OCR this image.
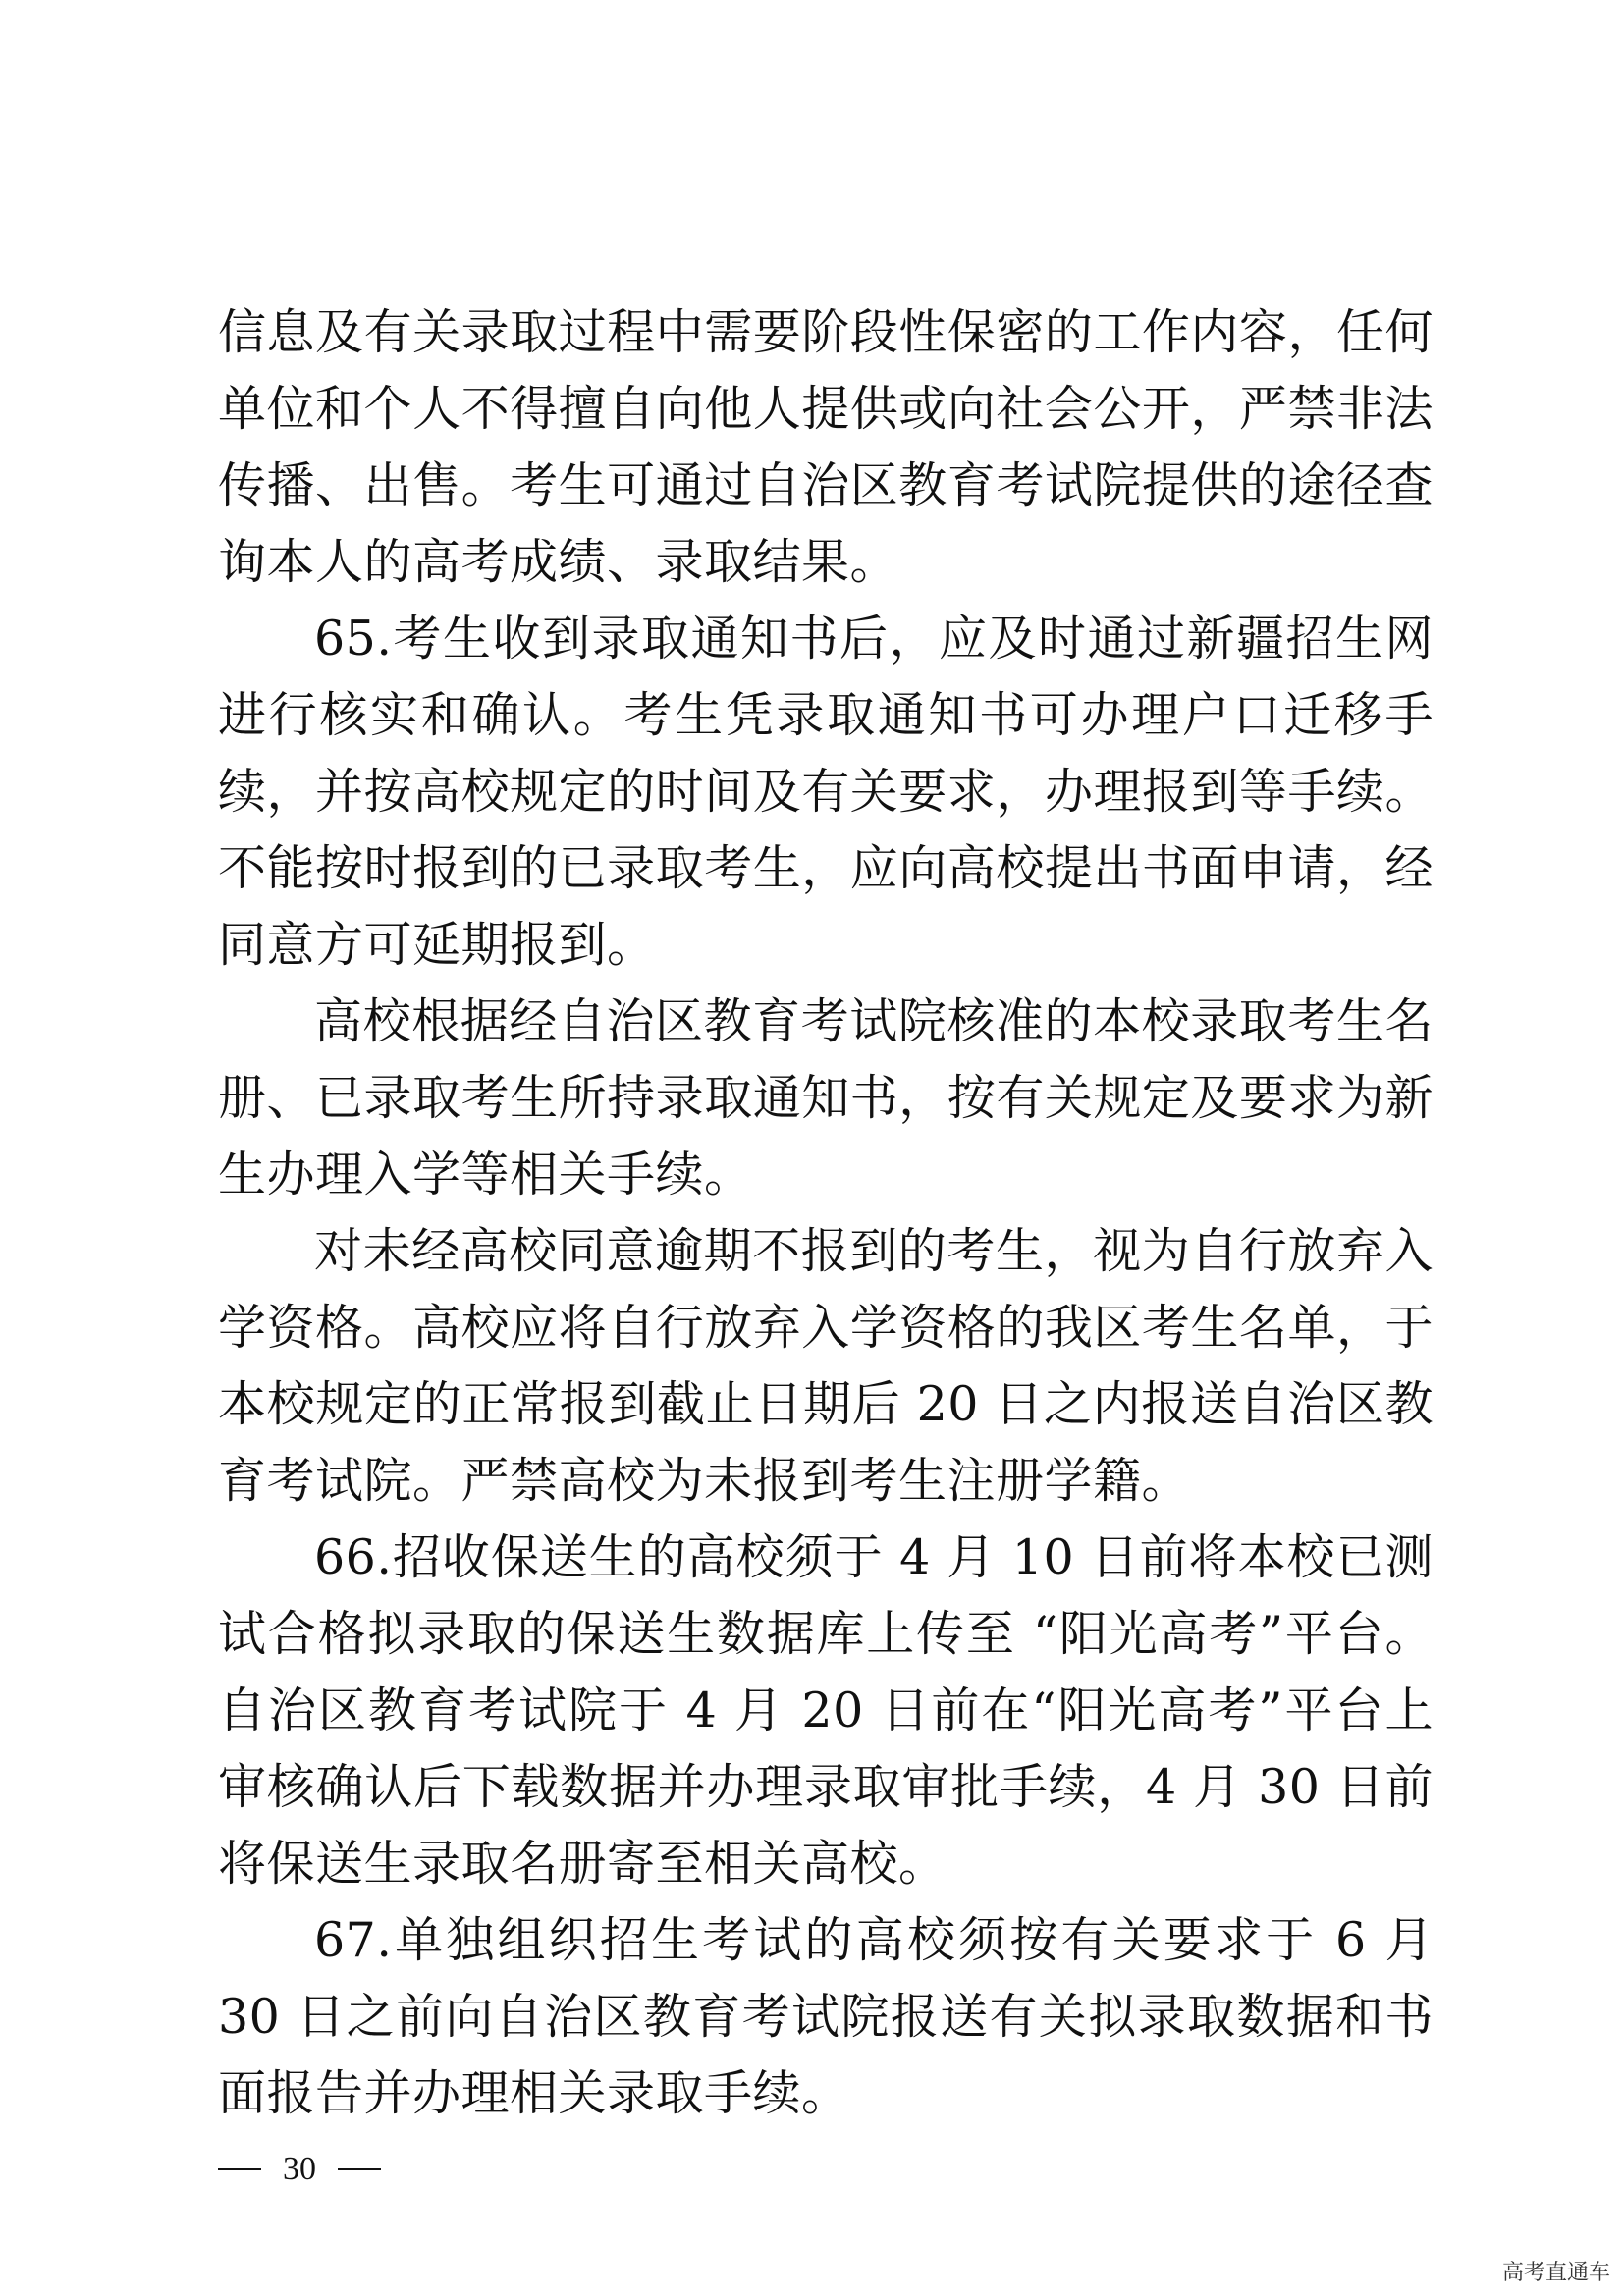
信息及有关录取过程中需要阶段性保密的工作内容，任何单位和个人不得擅自向他人提供或向社会公开，严禁非法传播、出售。考生可通过自治区教育考试院提供的途径查询本人的高考成绩、录取结果。

65.考生收到录取通知书后，应及时通过新疆招生网进行核实和确认。考生凭录取通知书可办理户口迁移手续，并按高校规定的时间及有关要求，办理报到等手续。不能按时报到的已录取考生，应向高校提出书面申请，经同意方可延期报到。

高校根据经自治区教育考试院核准的本校录取考生名册、已录取考生所持录取通知书，按有关规定及要求为新生办理入学等相关手续。

对未经高校同意逾期不报到的考生，视为自行放弃入学资格。高校应将自行放弃入学资格的我区考生名单，于本校规定的正常报到截止日期后 20 日之内报送自治区教育考试院。严禁高校为未报到考生注册学籍。

66.招收保送生的高校须于 4 月 10 日前将本校已测试合格拟录取的保送生数据库上传至 “阳光高考”平台。自治区教育考试院于 4 月 20 日前在“阳光高考”平台上审核确认后下载数据并办理录取审批手续，4 月 30 日前将保送生录取名册寄至相关高校。

67.单独组织招生考试的高校须按有关要求于 6 月 30 日之前向自治区教育考试院报送有关拟录取数据和书面报告并办理相关录取手续。

30
高考直通车
